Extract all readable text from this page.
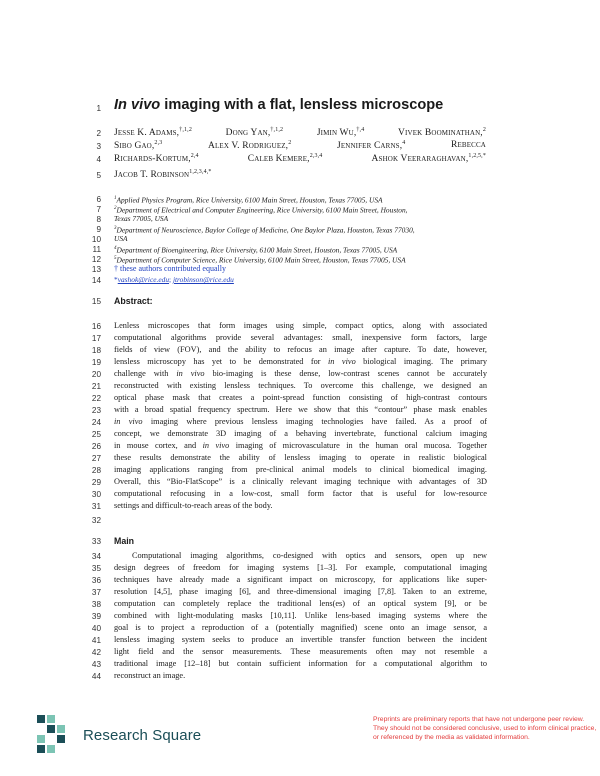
1
2
3
4
5
6
7
8
9
10
11
12
13
14
15
16
17
18
19
20
21
22
23
24
25
26
27
28
29
30
31
32
33
34
35
36
37
38
39
40
41
42
43
44
In vivo imaging with a flat, lensless microscope
Jesse K. Adams,$^{\dagger,1,2}$	Dong Yan,$^{\dagger,1,2}$	Jimin Wu,$^{\dagger,4}$	Vivek Boominathan,$^2$
Sibo Gao,$^{2,3}$	Alex V. Rodriguez,$^2$	Jennifer Carns,$^4$	Rebecca
Richards-Kortum,$^{2,4}$	Caleb Kemere,$^{2,3,4}$	Ashok Veeraraghavan,$^{1,2,5,*}$
Jacob T. Robinson$^{1,2,3,4,*}$
$^1$Applied Physics Program, Rice University, 6100 Main Street, Houston, Texas 77005, USA
$^2$Department of Electrical and Computer Engineering, Rice University, 6100 Main Street, Houston,
Texas 77005, USA
$^3$Department of Neuroscience, Baylor College of Medicine, One Baylor Plaza, Houston, Texas 77030,
USA
$^4$Department of Bioengineering, Rice University, 6100 Main Street, Houston, Texas 77005, USA
$^5$Department of Computer Science, Rice University, 6100 Main Street, Houston, Texas 77005, USA
† these authors contributed equally
*vashok@rice.edu; jtrobinson@rice.edu
Abstract:
Lenless microscopes that form images using simple, compact optics, along with associated
computational algorithms provide several advantages: small, inexpensive form factors, large
fields of view (FOV), and the ability to refocus an image after capture. To date, however,
lensless microscopy has yet to be demonstrated for in vivo biological imaging. The primary
challenge with in vivo bio-imaging is these dense, low-contrast scenes cannot be accurately
reconstructed with existing lensless techniques. To overcome this challenge, we designed an
optical phase mask that creates a point-spread function consisting of high-contrast contours
with a broad spatial frequency spectrum. Here we show that this “contour” phase mask enables
in vivo imaging where previous lensless imaging technologies have failed. As a proof of
concept, we demonstrate 3D imaging of a behaving invertebrate, functional calcium imaging
in mouse cortex, and in vivo imaging of microvasculature in the human oral mucosa. Together
these results demonstrate the ability of lensless imaging to operate in realistic biological
imaging applications ranging from pre-clinical animal models to clinical biomedical imaging.
Overall, this “Bio-FlatScope” is a clinically relevant imaging technique with advantages of 3D
computational refocusing in a low-cost, small form factor that is useful for low-resource
settings and difficult-to-reach areas of the body.
Main
Computational imaging algorithms, co-designed with optics and sensors, open up new
design degrees of freedom for imaging systems [1–3]. For example, computational imaging
techniques have already made a significant impact on microscopy, for applications like super-
resolution [4,5], phase imaging [6], and three-dimensional imaging [7,8]. Taken to an extreme,
computation can completely replace the traditional lens(es) of an optical system [9], or be
combined with light-modulating masks [10,11]. Unlike lens-based imaging systems where the
goal is to project a reproduction of a (potentially magnified) scene onto an image sensor, a
lensless imaging system seeks to produce an invertible transfer function between the incident
light field and the sensor measurements. These measurements often may not resemble a
traditional image [12–18] but contain sufficient information for a computational algorithm to
reconstruct an image.
Research Square
Preprints are preliminary reports that have not undergone peer review. They should not be considered conclusive, used to inform clinical practice, or referenced by the media as validated information.
